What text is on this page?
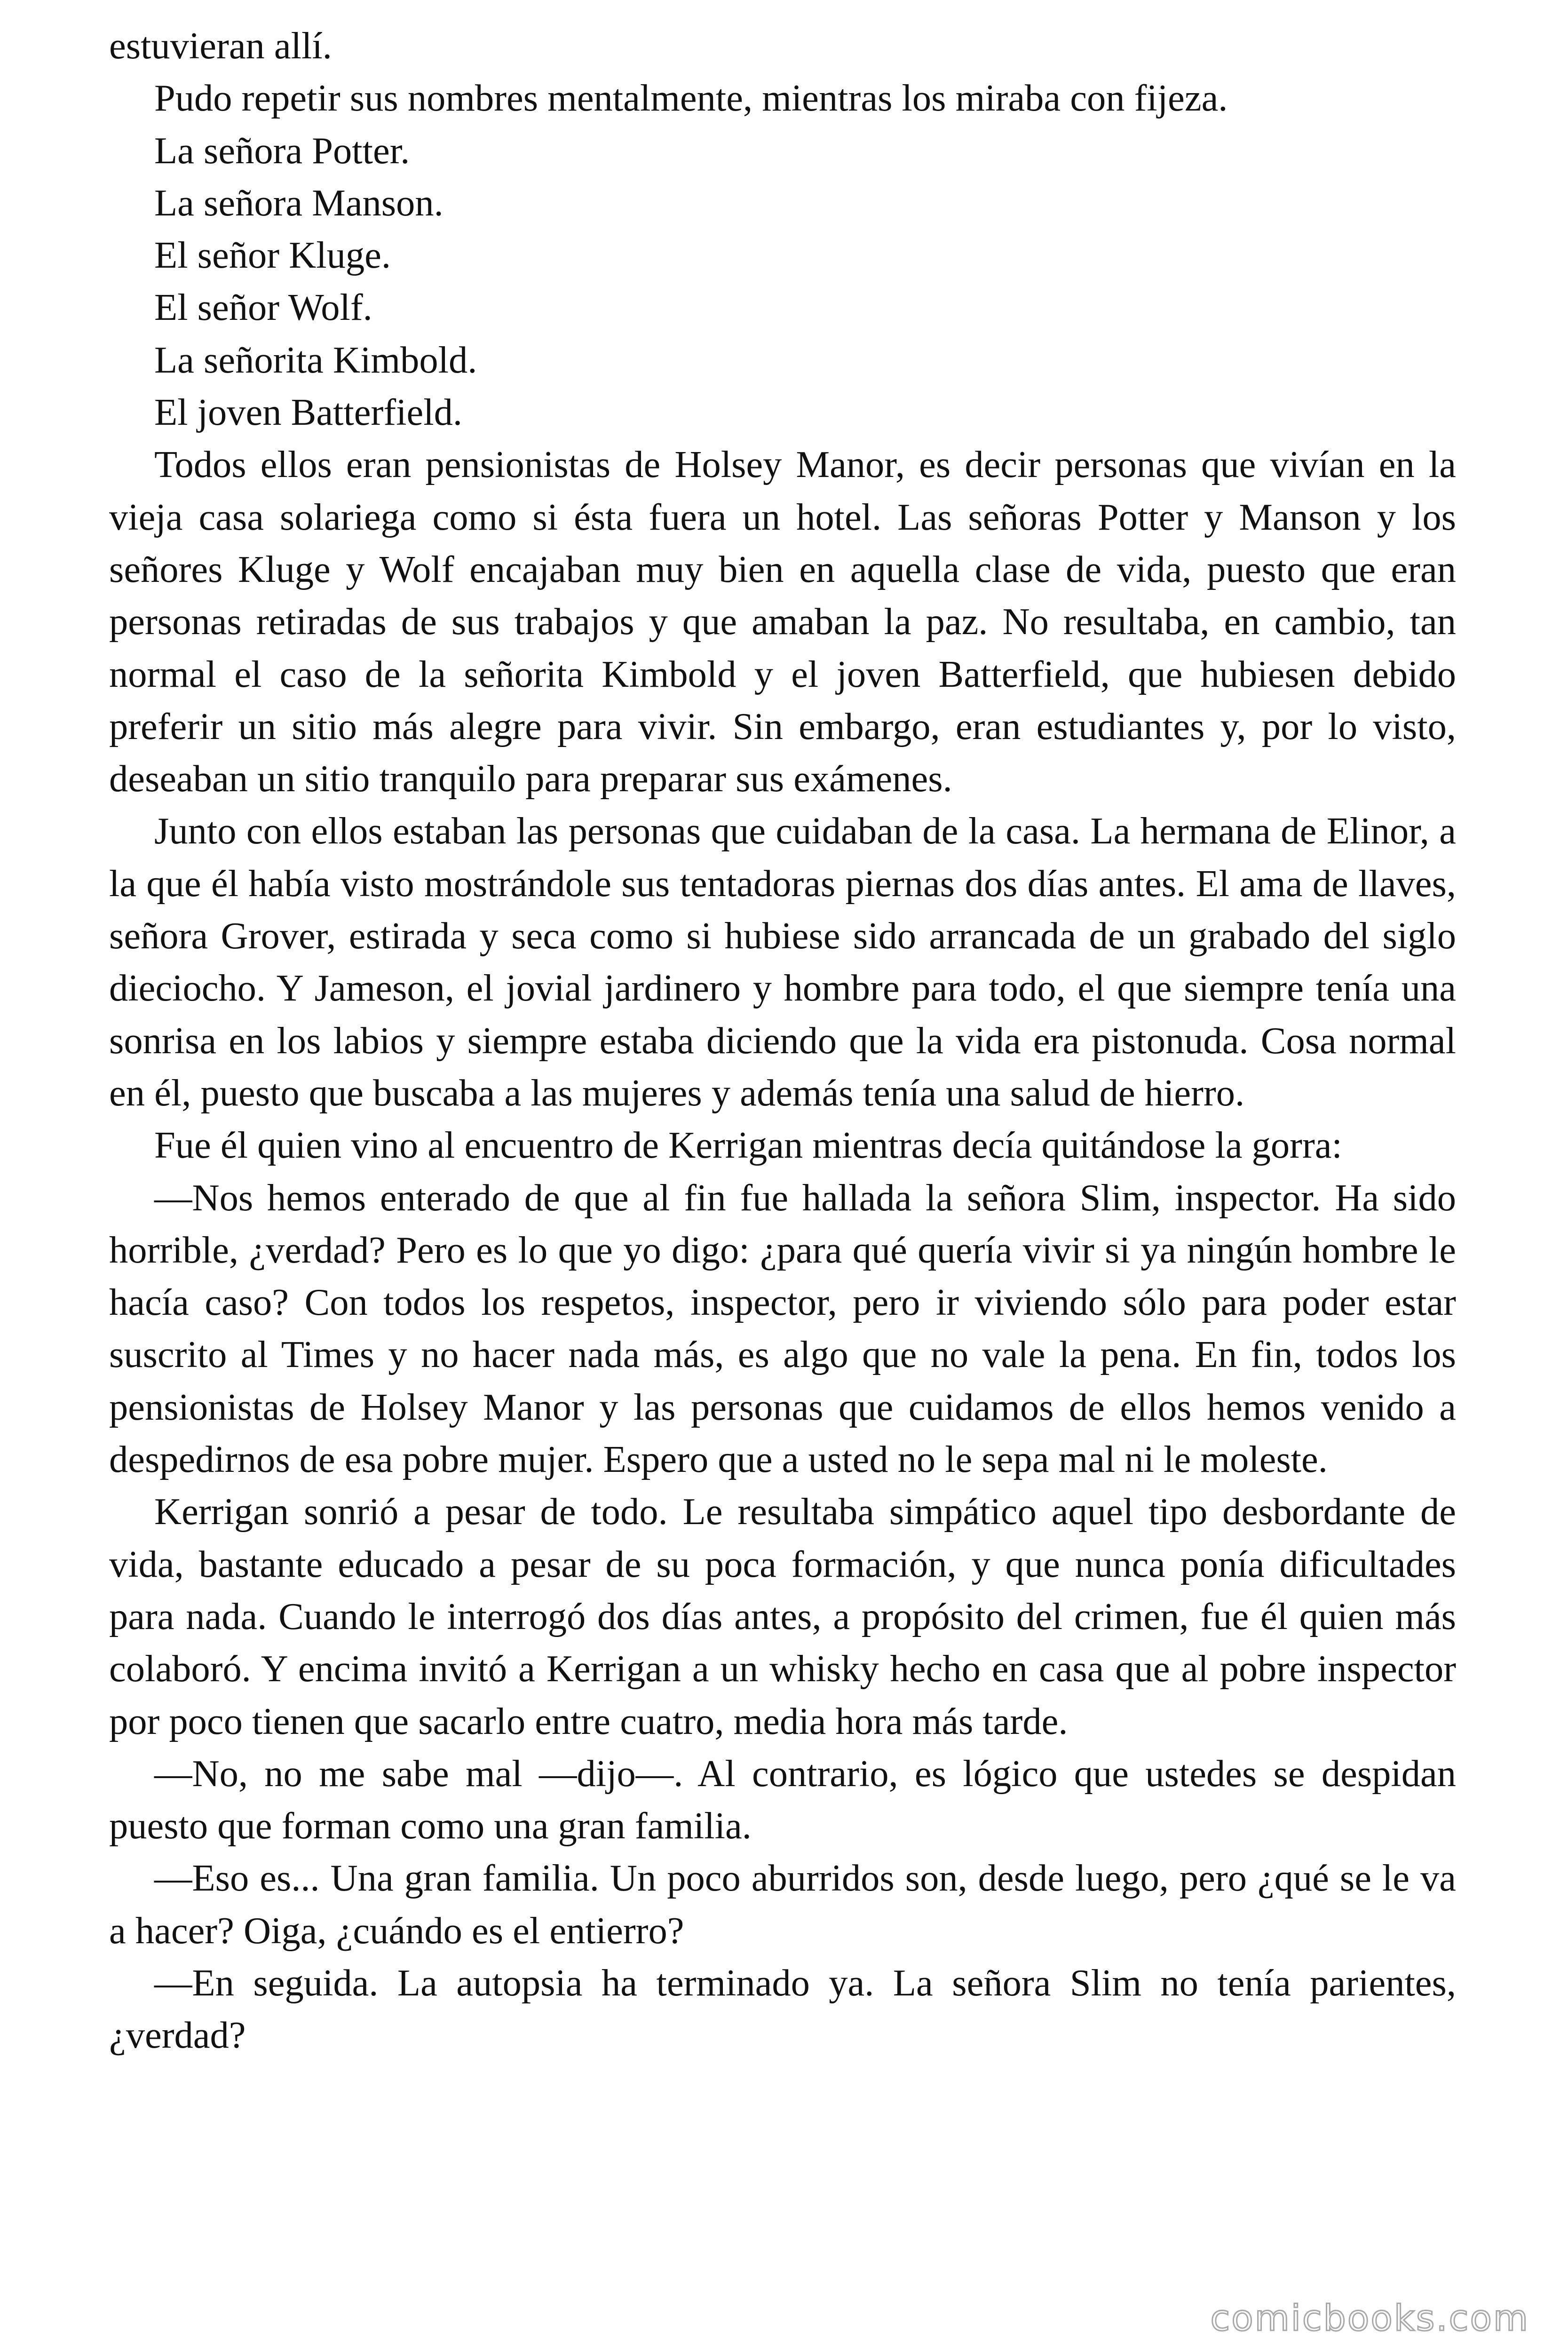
estuvieran allí.

Pudo repetir sus nombres mentalmente, mientras los miraba con fijeza.

La señora Potter.

La señora Manson.

El señor Kluge.

El señor Wolf.

La señorita Kimbold.

El joven Batterfield.

Todos ellos eran pensionistas de Holsey Manor, es decir personas que vivían en la vieja casa solariega como si ésta fuera un hotel. Las señoras Potter y Manson y los señores Kluge y Wolf encajaban muy bien en aquella clase de vida, puesto que eran personas retiradas de sus trabajos y que amaban la paz. No resultaba, en cambio, tan normal el caso de la señorita Kimbold y el joven Batterfield, que hubiesen debido preferir un sitio más alegre para vivir. Sin embargo, eran estudiantes y, por lo visto, deseaban un sitio tranquilo para preparar sus exámenes.

Junto con ellos estaban las personas que cuidaban de la casa. La hermana de Elinor, a la que él había visto mostrándole sus tentadoras piernas dos días antes. El ama de llaves, señora Grover, estirada y seca como si hubiese sido arrancada de un grabado del siglo dieciocho. Y Jameson, el jovial jardinero y hombre para todo, el que siempre tenía una sonrisa en los labios y siempre estaba diciendo que la vida era pistonuda. Cosa normal en él, puesto que buscaba a las mujeres y además tenía una salud de hierro.

Fue él quien vino al encuentro de Kerrigan mientras decía quitándose la gorra:

—Nos hemos enterado de que al fin fue hallada la señora Slim, inspector. Ha sido horrible, ¿verdad? Pero es lo que yo digo: ¿para qué quería vivir si ya ningún hombre le hacía caso? Con todos los respetos, inspector, pero ir viviendo sólo para poder estar suscrito al Times y no hacer nada más, es algo que no vale la pena. En fin, todos los pensionistas de Holsey Manor y las personas que cuidamos de ellos hemos venido a despedirnos de esa pobre mujer. Espero que a usted no le sepa mal ni le moleste.

Kerrigan sonrió a pesar de todo. Le resultaba simpático aquel tipo desbordante de vida, bastante educado a pesar de su poca formación, y que nunca ponía dificultades para nada. Cuando le interrogó dos días antes, a propósito del crimen, fue él quien más colaboró. Y encima invitó a Kerrigan a un whisky hecho en casa que al pobre inspector por poco tienen que sacarlo entre cuatro, media hora más tarde.

—No, no me sabe mal —dijo—. Al contrario, es lógico que ustedes se despidan puesto que forman como una gran familia.

—Eso es... Una gran familia. Un poco aburridos son, desde luego, pero ¿qué se le va a hacer? Oiga, ¿cuándo es el entierro?

—En seguida. La autopsia ha terminado ya. La señora Slim no tenía parientes, ¿verdad?

comicbooks.com
